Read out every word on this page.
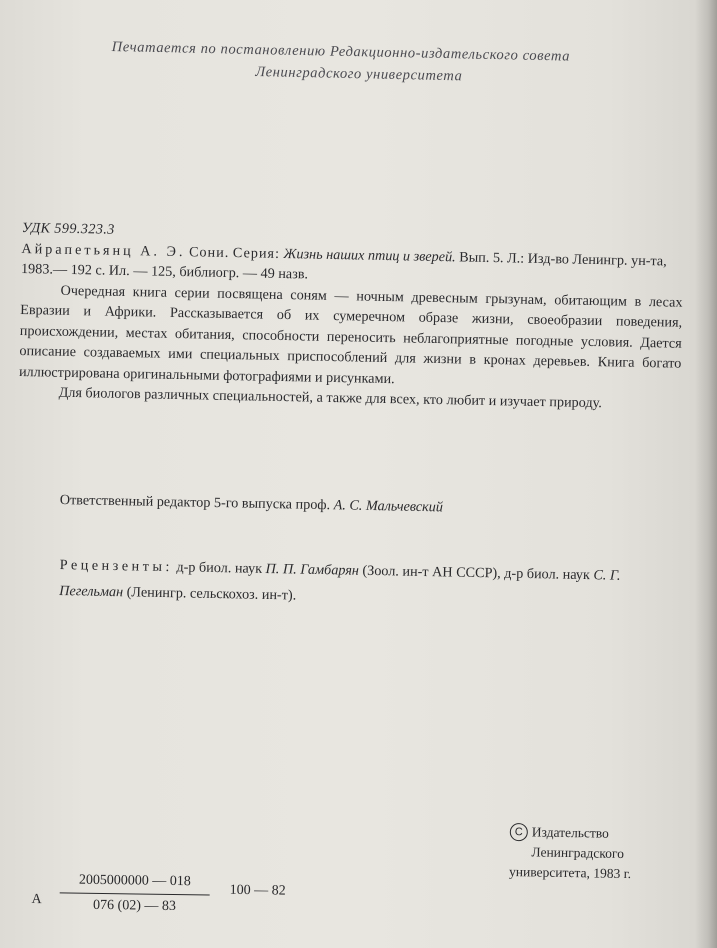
Печатается по постановлению Редакционно-издательского совета
Ленинградского университета
УДК 599.323.3
Айрапетьянц А. Э. Сони. Серия: Жизнь наших птиц и зверей. Вып. 5. Л.: Изд-во Ленингр. ун-та, 1983.— 192 с. Ил. — 125, библиогр. — 49 назв.

Очередная книга серии посвящена соням — ночным древесным грызунам, обитающим в лесах Евразии и Африки. Рассказывается об их сумеречном образе жизни, своеобразии поведения, происхождении, местах обитания, способности переносить неблагоприятные погодные условия. Дается описание создаваемых ими специальных приспособлений для жизни в кронах деревьев. Книга богато иллюстрирована оригинальными фотографиями и рисунками.

Для биологов различных специальностей, а также для всех, кто любит и изучает природу.

Ответственный редактор 5-го выпуска проф. А. С. Мальчевский
Рецензенты: д-р биол. наук П. П. Гамбарян (Зоол. ин-т АН СССР), д-р биол. наук С. Г. Пегельман (Ленингр. сельскохоз. ин-т).
C Издательство
Ленинградского
университета, 1983 г.
А
2005000000 — 018
076 (02) — 83
100 — 82
